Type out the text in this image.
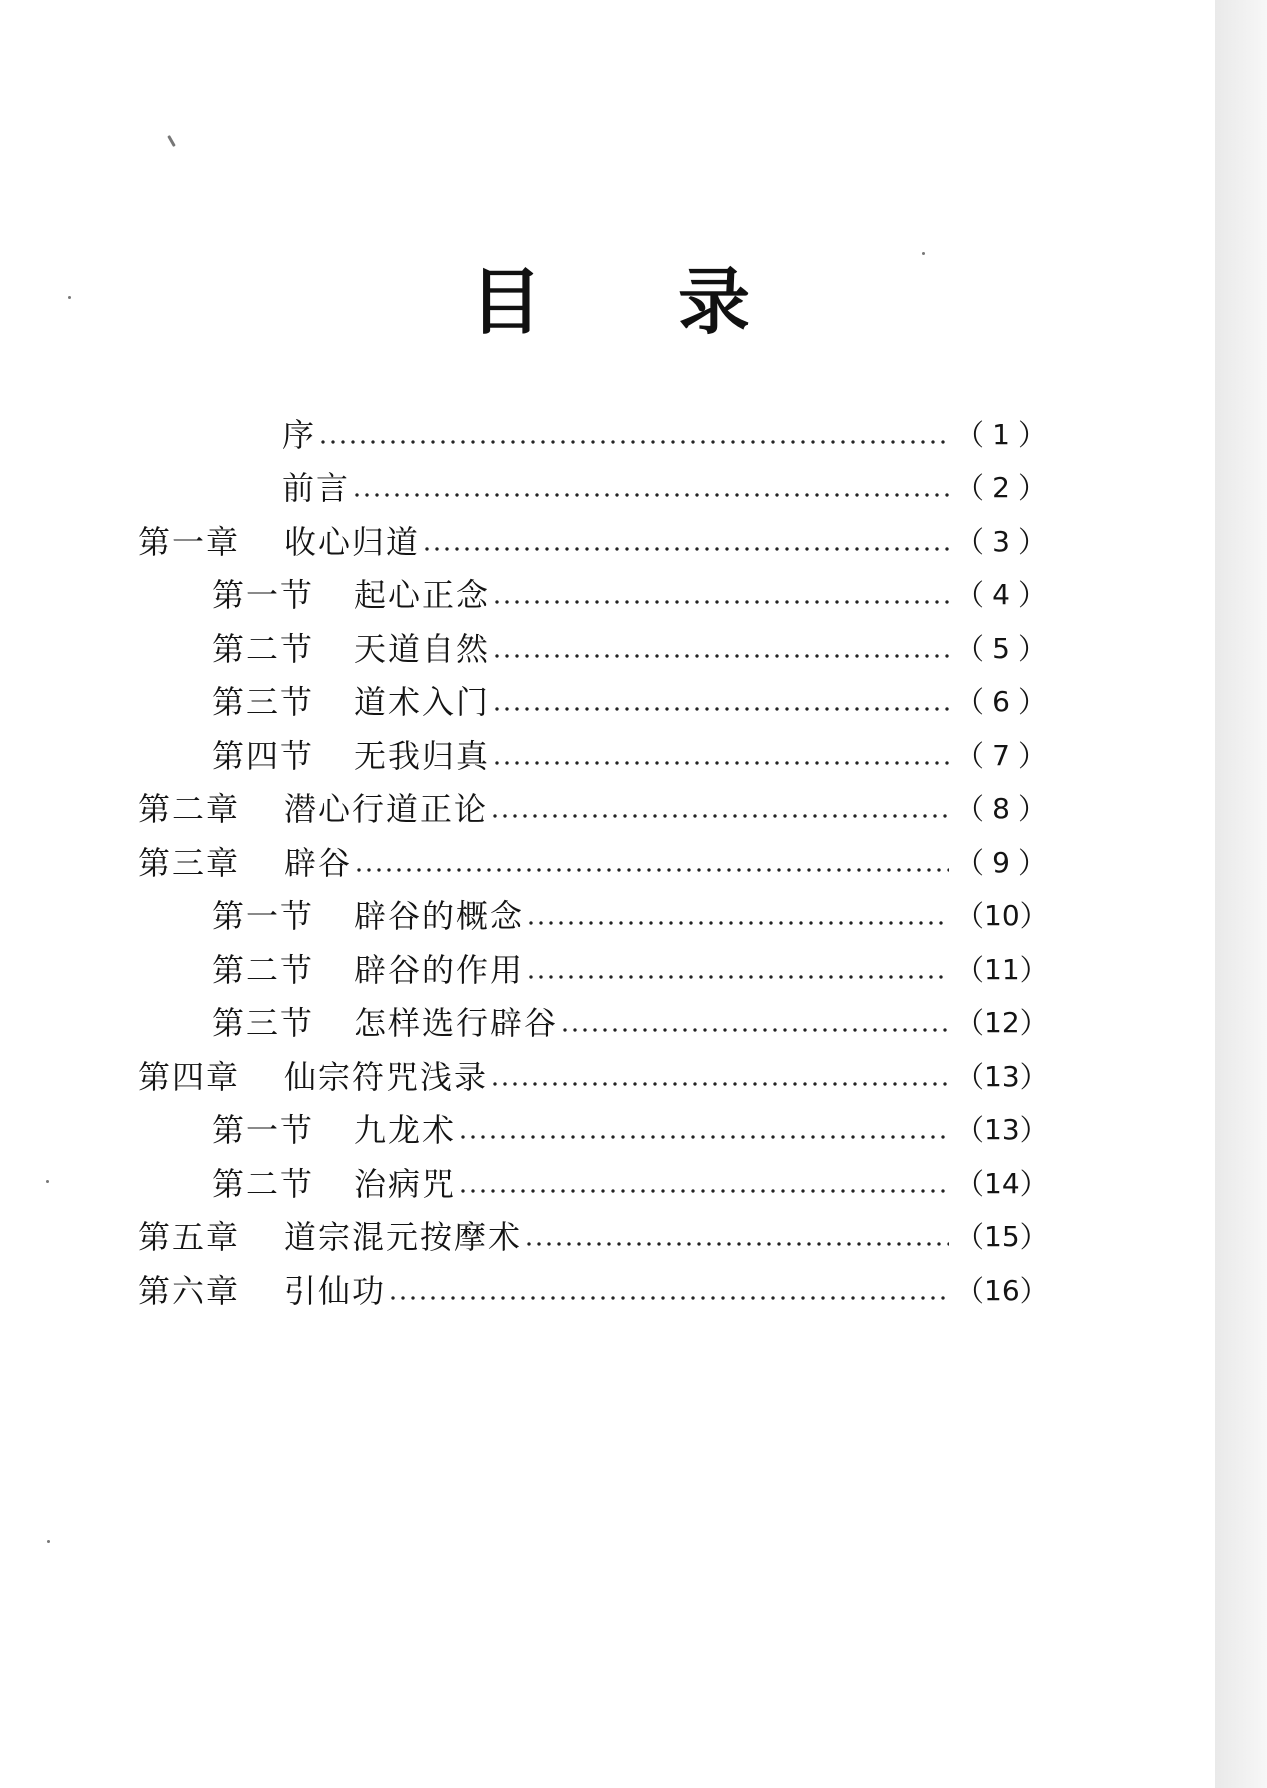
目 录
序	（ 1 ）
前言	（ 2 ）
第一章	收心归道	（ 3 ）
第一节	起心正念	（ 4 ）
第二节	天道自然	（ 5 ）
第三节	道术入门	（ 6 ）
第四节	无我归真	（ 7 ）
第二章	潜心行道正论	（ 8 ）
第三章	辟谷	（ 9 ）
第一节	辟谷的概念	（ 10 ）
第二节	辟谷的作用	（ 11 ）
第三节	怎样选行辟谷	（ 12 ）
第四章	仙宗符咒浅录	（ 13 ）
第一节	九龙术	（ 13 ）
第二节	治病咒	（ 14 ）
第五章	道宗混元按摩术	（ 15 ）
第六章	引仙功	（ 16 ）
